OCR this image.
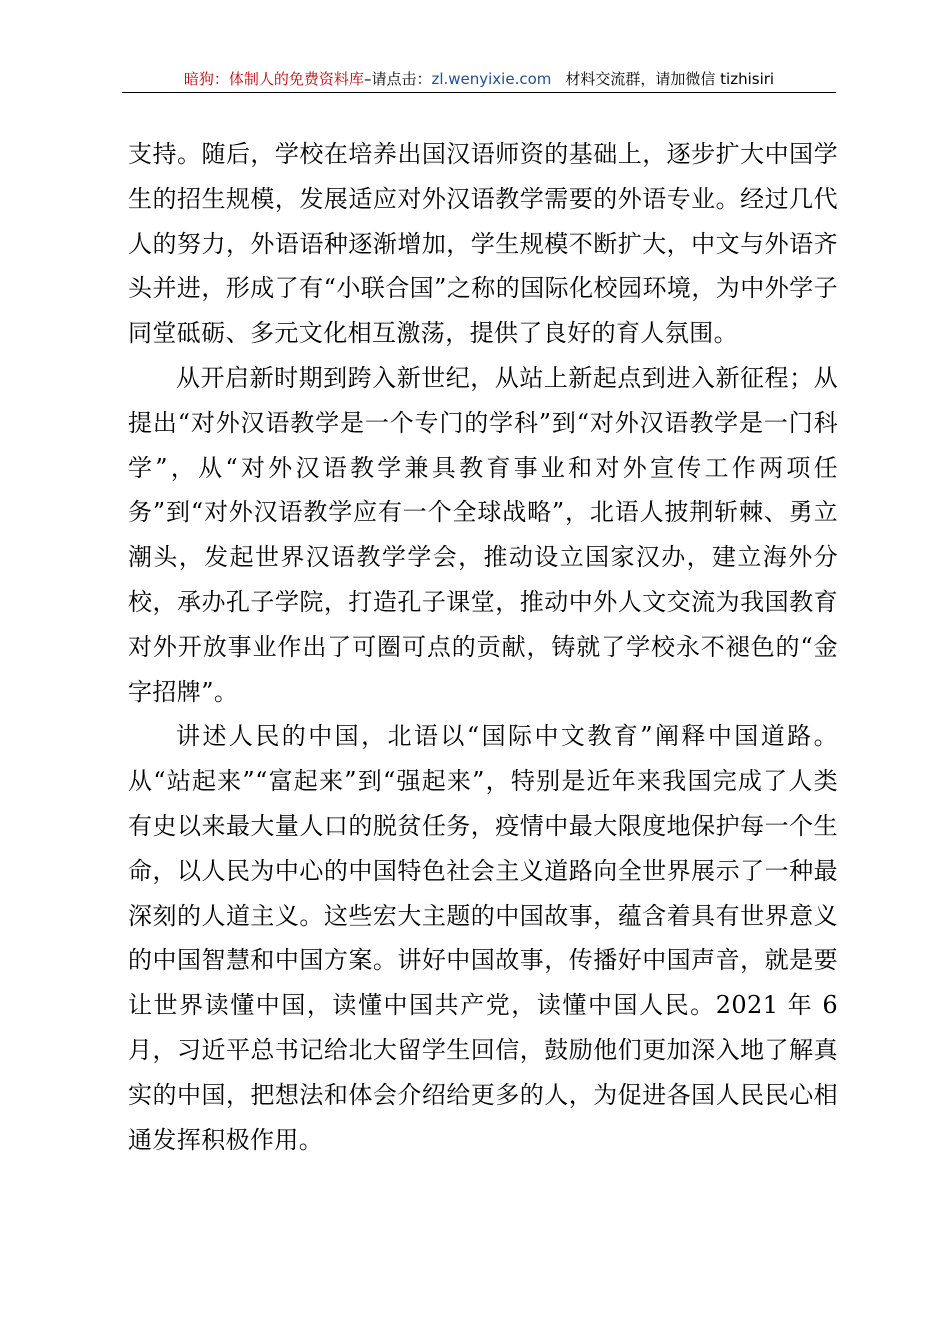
暗狗：体制人的免费资料库–请点击：zl.wenyixie.com 材料交流群，请加微信 tizhisiri

支持。随后，学校在培养出国汉语师资的基础上，逐步扩大中国学生的招生规模，发展适应对外汉语教学需要的外语专业。经过几代人的努力，外语语种逐渐增加，学生规模不断扩大，中文与外语齐头并进，形成了有“小联合国”之称的国际化校园环境，为中外学子同堂砥砺、多元文化相互激荡，提供了良好的育人氛围。

从开启新时期到跨入新世纪，从站上新起点到进入新征程；从提出“对外汉语教学是一个专门的学科”到“对外汉语教学是一门科学”，从“对外汉语教学兼具教育事业和对外宣传工作两项任务”到“对外汉语教学应有一个全球战略”，北语人披荆斩棘、勇立潮头，发起世界汉语教学学会，推动设立国家汉办，建立海外分校，承办孔子学院，打造孔子课堂，推动中外人文交流为我国教育对外开放事业作出了可圈可点的贡献，铸就了学校永不褪色的“金字招牌”。

讲述人民的中国，北语以“国际中文教育”阐释中国道路。从“站起来”“富起来”到“强起来”，特别是近年来我国完成了人类有史以来最大量人口的脱贫任务，疫情中最大限度地保护每一个生命，以人民为中心的中国特色社会主义道路向全世界展示了一种最深刻的人道主义。这些宏大主题的中国故事，蕴含着具有世界意义的中国智慧和中国方案。讲好中国故事，传播好中国声音，就是要让世界读懂中国，读懂中国共产党，读懂中国人民。2021 年 6 月，习近平总书记给北大留学生回信，鼓励他们更加深入地了解真实的中国，把想法和体会介绍给更多的人，为促进各国人民民心相通发挥积极作用。
